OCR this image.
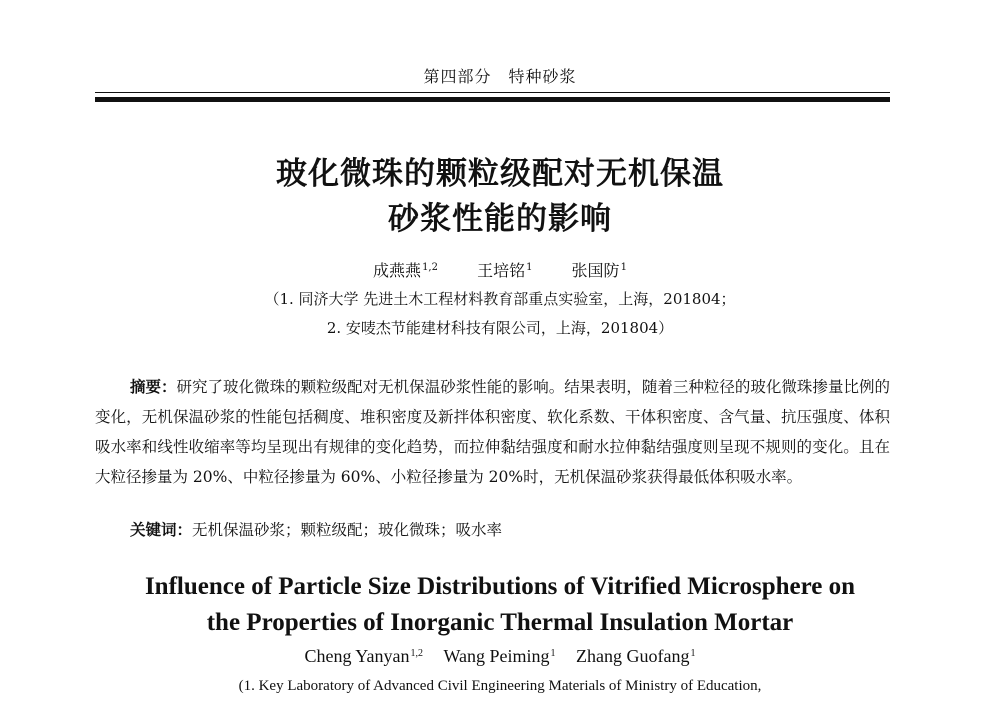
第四部分　特种砂浆
玻化微珠的颗粒级配对无机保温
砂浆性能的影响
成燕燕$^{1,2}$ 王培铭$^1$ 张国防$^1$
（1. 同济大学 先进土木工程材料教育部重点实验室，上海，201804；
2. 安唛杰节能建材科技有限公司，上海，201804）
摘要：研究了玻化微珠的颗粒级配对无机保温砂浆性能的影响。结果表明，随着三种粒径的玻化微珠掺量比例的变化，无机保温砂浆的性能包括稠度、堆积密度及新拌体积密度、软化系数、干体积密度、含气量、抗压强度、体积吸水率和线性收缩率等均呈现出有规律的变化趋势，而拉伸黏结强度和耐水拉伸黏结强度则呈现不规则的变化。且在大粒径掺量为 20%、中粒径掺量为 60%、小粒径掺量为 20%时，无机保温砂浆获得最低体积吸水率。
关键词：无机保温砂浆；颗粒级配；玻化微珠；吸水率
Influence of Particle Size Distributions of Vitrified Microsphere on
the Properties of Inorganic Thermal Insulation Mortar
Cheng Yanyan$^{1,2}$ Wang Peiming$^1$ Zhang Guofang$^1$
(1. Key Laboratory of Advanced Civil Engineering Materials of Ministry of Education,
